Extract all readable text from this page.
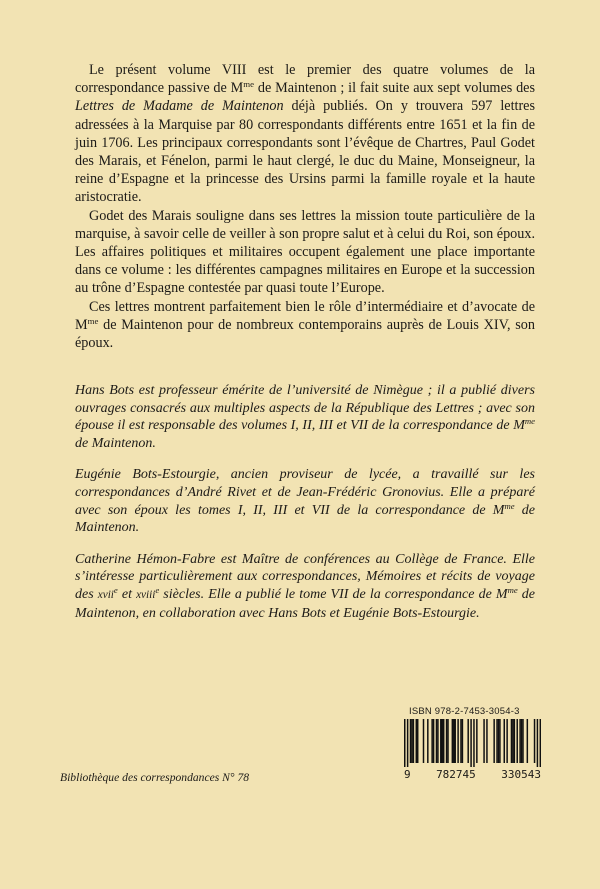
Le présent volume VIII est le premier des quatre volumes de la correspondance passive de $M^{me}$ de Maintenon ; il fait suite aux sept volumes des Lettres de Madame de Maintenon déjà publiés. On y trouvera 597 lettres adressées à la Marquise par 80 correspondants différents entre 1651 et la fin de juin 1706. Les principaux correspondants sont l’évêque de Chartres, Paul Godet des Marais, et Fénelon, parmi le haut clergé, le duc du Maine, Monseigneur, la reine d’Espagne et la princesse des Ursins parmi la famille royale et la haute aristocratie.

Godet des Marais souligne dans ses lettres la mission toute particulière de la marquise, à savoir celle de veiller à son propre salut et à celui du Roi, son époux. Les affaires politiques et militaires occupent également une place importante dans ce volume : les différentes campagnes militaires en Europe et la succession au trône d’Espagne contestée par quasi toute l’Europe.

Ces lettres montrent parfaitement bien le rôle d’intermédiaire et d’avocate de $M^{me}$ de Maintenon pour de nombreux contemporains auprès de Louis XIV, son époux.

Hans Bots est professeur émérite de l’université de Nimègue ; il a publié divers ouvrages consacrés aux multiples aspects de la République des Lettres ; avec son épouse il est responsable des volumes I, II, III et VII de la correspondance de $M^{me}$ de Maintenon.

Eugénie Bots-Estourgie, ancien proviseur de lycée, a travaillé sur les correspondances d’André Rivet et de Jean-Frédéric Gronovius. Elle a préparé avec son époux les tomes I, II, III et VII de la correspondance de $M^{me}$ de Maintenon.

Catherine Hémon-Fabre est Maître de conférences au Collège de France. Elle s’intéresse particulièrement aux correspondances, Mémoires et récits de voyage des xvii$^e$ et xviii$^e$ siècles. Elle a publié le tome VII de la correspondance de $M^{me}$ de Maintenon, en collaboration avec Hans Bots et Eugénie Bots-Estourgie.

ISBN 978-2-7453-3054-3
9 782745 330543
Bibliothèque des correspondances N° 78
